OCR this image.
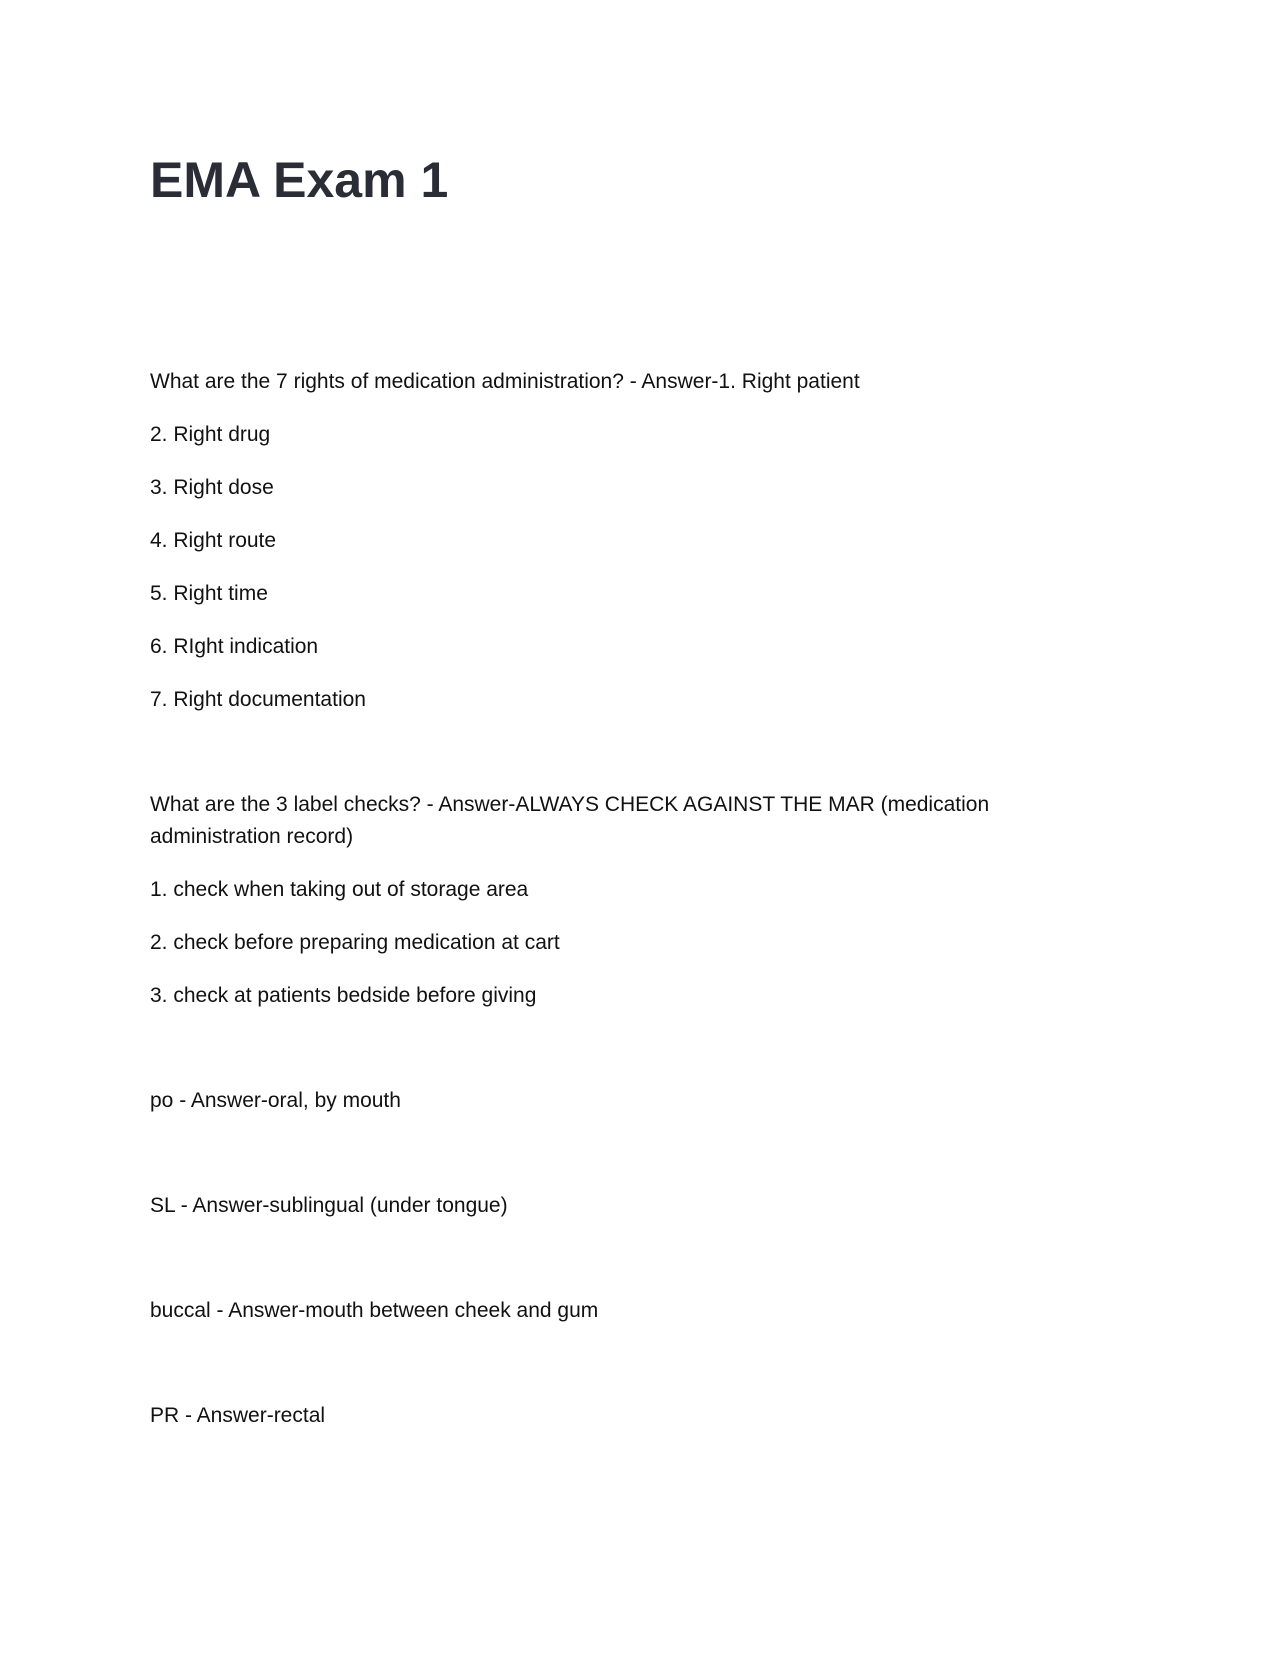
EMA Exam 1

What are the 7 rights of medication administration? - Answer-1. Right patient

2. Right drug

3. Right dose

4. Right route

5. Right time

6. RIght indication

7. Right documentation

What are the 3 label checks? - Answer-ALWAYS CHECK AGAINST THE MAR (medication administration record)

1. check when taking out of storage area

2. check before preparing medication at cart

3. check at patients bedside before giving

po - Answer-oral, by mouth

SL - Answer-sublingual (under tongue)

buccal - Answer-mouth between cheek and gum

PR - Answer-rectal
